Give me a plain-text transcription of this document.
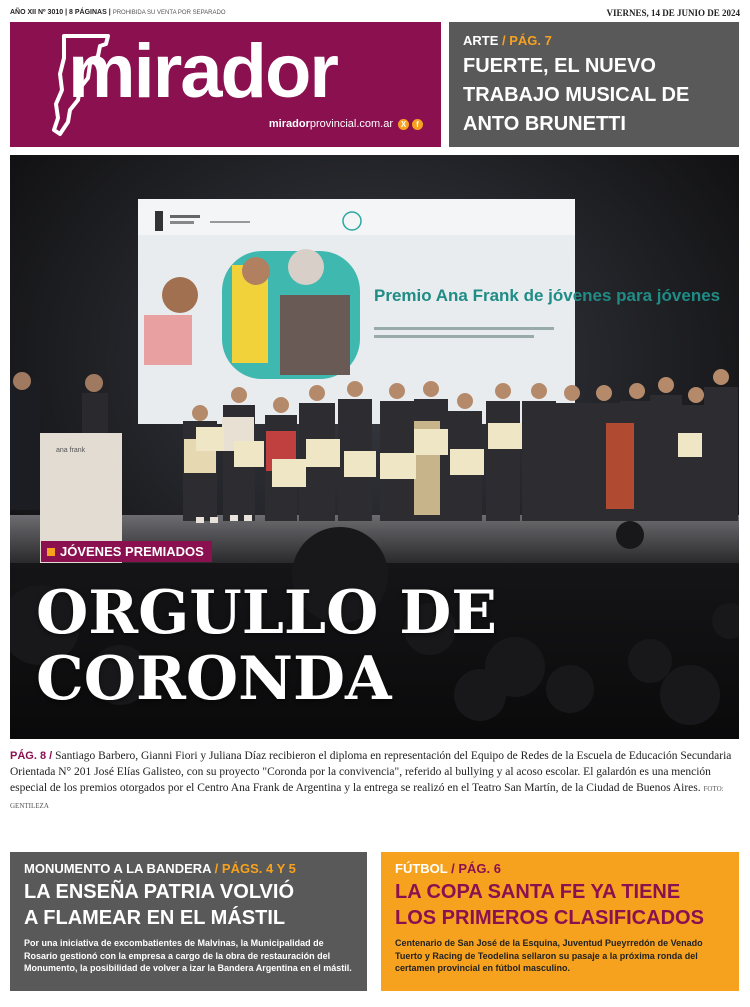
AÑO XII Nº 3010 | 8 PÁGINAS | PROHIBIDA SU VENTA POR SEPARADO	VIERNES, 14 DE JUNIO DE 2024
mirador
miradorprovincial.com.ar X	f
ARTE / PÁG. 7
FUERTE, EL NUEVO TRABAJO MUSICAL DE ANTO BRUNETTI
Premio Ana Frank de jóvenes para jóvenes
ana frank
JÓVENES PREMIADOS
ORGULLO DE
CORONDA
PÁG. 8 / Santiago Barbero, Gianni Fiori y Juliana Díaz recibieron el diploma en representación del Equipo de Redes de la Escuela de Educación Secundaria Orientada N° 201 José Elías Galisteo, con su proyecto "Coronda por la convivencia", referido al bullying y al acoso escolar. El galardón es una mención especial de los premios otorgados por el Centro Ana Frank de Argentina y la entrega se realizó en el Teatro San Martín, de la Ciudad de Buenos Aires. FOTO: GENTILEZA
MONUMENTO A LA BANDERA / PÁGS. 4 Y 5
LA ENSEÑA PATRIA VOLVIÓ
A FLAMEAR EN EL MÁSTIL
Por una iniciativa de excombatientes de Malvinas, la Municipalidad de Rosario gestionó con la empresa a cargo de la obra de restauración del Monumento, la posibilidad de volver a izar la Bandera Argentina en el mástil.
FÚTBOL / PÁG. 6
LA COPA SANTA FE YA TIENE
LOS PRIMEROS CLASIFICADOS
Centenario de San José de la Esquina, Juventud Pueyrredón de Venado Tuerto y Racing de Teodelina sellaron su pasaje a la próxima ronda del certamen provincial en fútbol masculino.
